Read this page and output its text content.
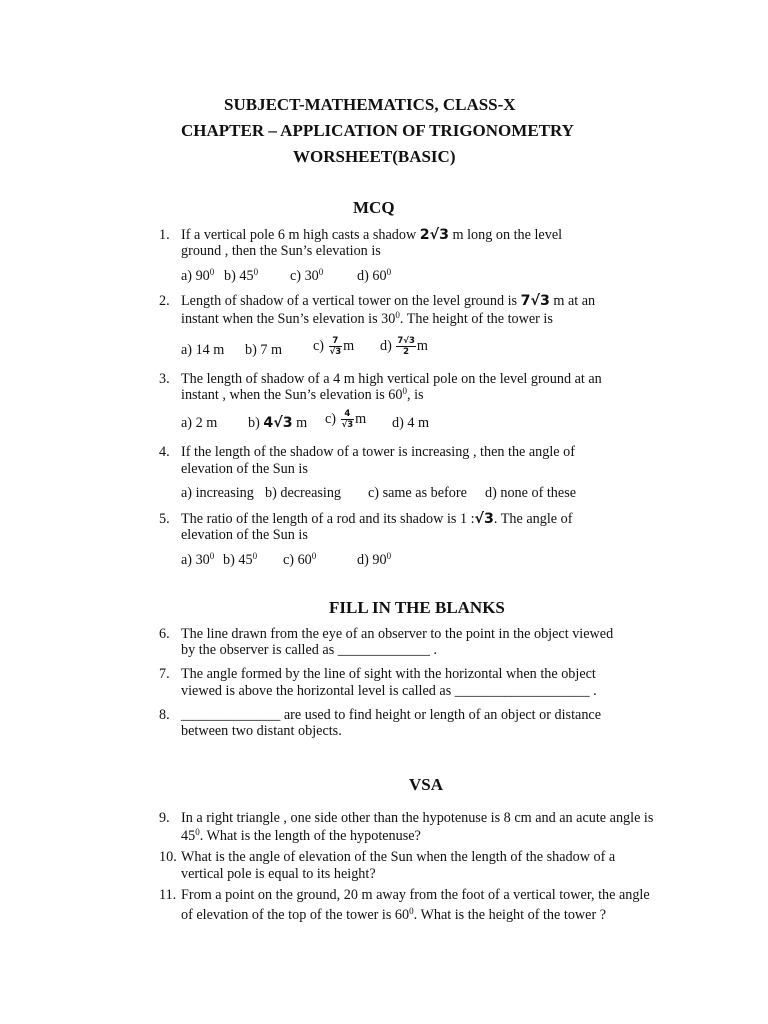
SUBJECT-MATHEMATICS, CLASS-X
CHAPTER – APPLICATION OF TRIGONOMETRY
WORSHEET(BASIC)
MCQ
1. If a vertical pole 6 m high casts a shadow 2√3 m long on the level
ground , then the Sun’s elevation is
a) $90^0$ b) $45^0$ c) $30^0$ d) $60^0$
2. Length of shadow of a vertical tower on the level ground is 7√3 m at an
instant when the Sun’s elevation is $30^0$. The height of the tower is
a) 14 m b) 7 m $c) \frac{7}{√3}$ m $d) \frac{7√3}{2}$ m
3. The length of shadow of a 4 m high vertical pole on the level ground at an
instant , when the Sun’s elevation is $60^0$, is
a) 2 m b) 4√3 m $c) \frac{4}{√3}$ m d) 4 m
4. If the length of the shadow of a tower is increasing , then the angle of
elevation of the Sun is
a) increasing b) decreasing c) same as before d) none of these
5. The ratio of the length of a rod and its shadow is 1 :√3. The angle of
elevation of the Sun is
a) $30^0$ b) $45^0$ c) $60^0$	d) $90^0$
FILL IN THE BLANKS
6. The line drawn from the eye of an observer to the point in the object viewed
by the observer is called as _____________ .
7. The angle formed by the line of sight with the horizontal when the object
viewed is above the horizontal level is called as ___________________ .
8. ______________ are used to find height or length of an object or distance
between two distant objects.
VSA
9. In a right triangle , one side other than the hypotenuse is 8 cm and an acute angle is
$45^0$. What is the length of the hypotenuse?
10. What is the angle of elevation of the Sun when the length of the shadow of a
vertical pole is equal to its height?
11. From a point on the ground, 20 m away from the foot of a vertical tower, the angle
of elevation of the top of the tower is $60^0$. What is the height of the tower ?
